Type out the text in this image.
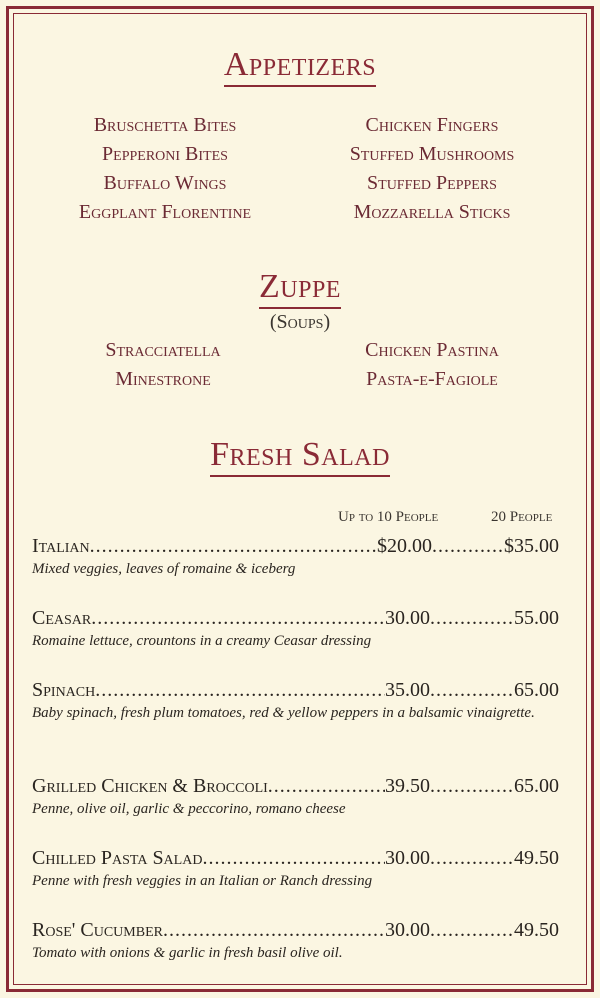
Appetizers
Bruschetta Bites
Pepperoni Bites
Buffalo Wings
Eggplant Florentine
Chicken Fingers
Stuffed Mushrooms
Stuffed Peppers
Mozzarella Sticks
Zuppe
(Soups)
Stracciatella
Minestrone
Chicken Pastina
Pasta-e-Fagiole
Fresh Salad
Up to 10 People	20 People
Italian . . .	$20.00 . . .	$35.00
Mixed veggies, leaves of romaine & iceberg
Ceasar . . .	30.00 . . .	55.00
Romaine lettuce, crountons in a creamy Ceasar dressing
Spinach . . .	35.00 . . .	65.00
Baby spinach, fresh plum tomatoes, red & yellow peppers in a balsamic vinaigrette.
Grilled Chicken & Broccoli . . .	39.50 . . .	65.00
Penne, olive oil, garlic & peccorino, romano cheese
Chilled Pasta Salad . . .	30.00 . . .	49.50
Penne with fresh veggies in an Italian or Ranch dressing
Rose' Cucumber . . .	30.00 . . .	49.50
Tomato with onions & garlic in fresh basil olive oil.
